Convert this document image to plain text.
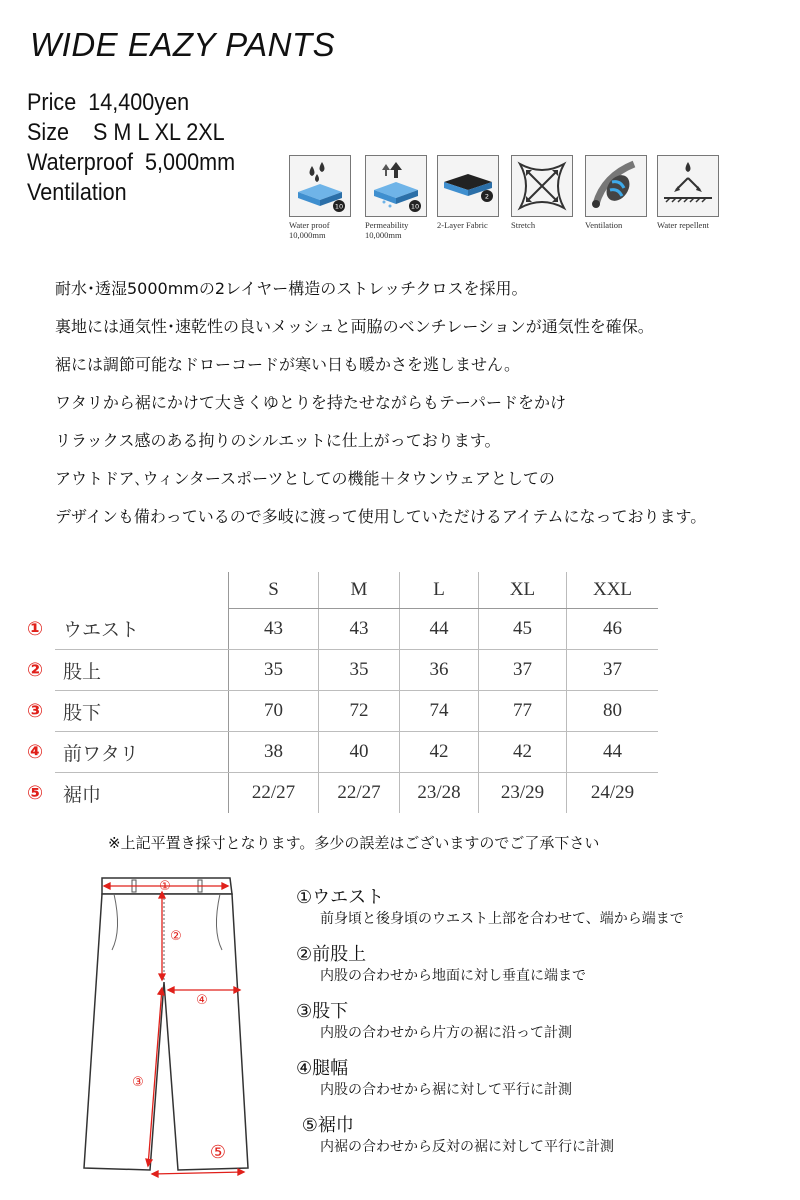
WIDE EAZY PANTS
Price  14,400yen
Size    S M L XL 2XL
Waterproof  5,000mm
Ventilation
10
Water proof
10,000mm
10
Permeability
10,000mm
2
2-Layer Fabric	Stretch	Ventilation	Water repellent
耐水･透湿5000mmの2レイヤー構造のストレッチクロスを採用。
裏地には通気性･速乾性の良いメッシュと両脇のベンチレーションが通気性を確保。
裾には調節可能なドローコードが寒い日も暖かさを逃しません。
ワタリから裾にかけて大きくゆとりを持たせながらもテーパードをかけ
リラックス感のある拘りのシルエットに仕上がっております。
アウトドア､ウィンタースポーツとしての機能＋タウンウェアとしての
デザインも備わっているので多岐に渡って使用していただけるアイテムになっております。
		S	M	L	XL	XXL
①	ウエスト	43	43	44	45	46
②	股上	35	35	36	37	37
③	股下	70	72	74	77	80
④	前ワタリ	38	40	42	42	44
⑤	裾巾	22/27	22/27	23/28	23/29	24/29
※上記平置き採寸となります。多少の誤差はございますのでご了承下さい
①
②
④
③
⑤
①ウエスト
前身頃と後身頃のウエスト上部を合わせて、端から端まで
②前股上
内股の合わせから地面に対し垂直に端まで
③股下
内股の合わせから片方の裾に沿って計測
④腿幅
内股の合わせから裾に対して平行に計測
⑤裾巾
内裾の合わせから反対の裾に対して平行に計測
